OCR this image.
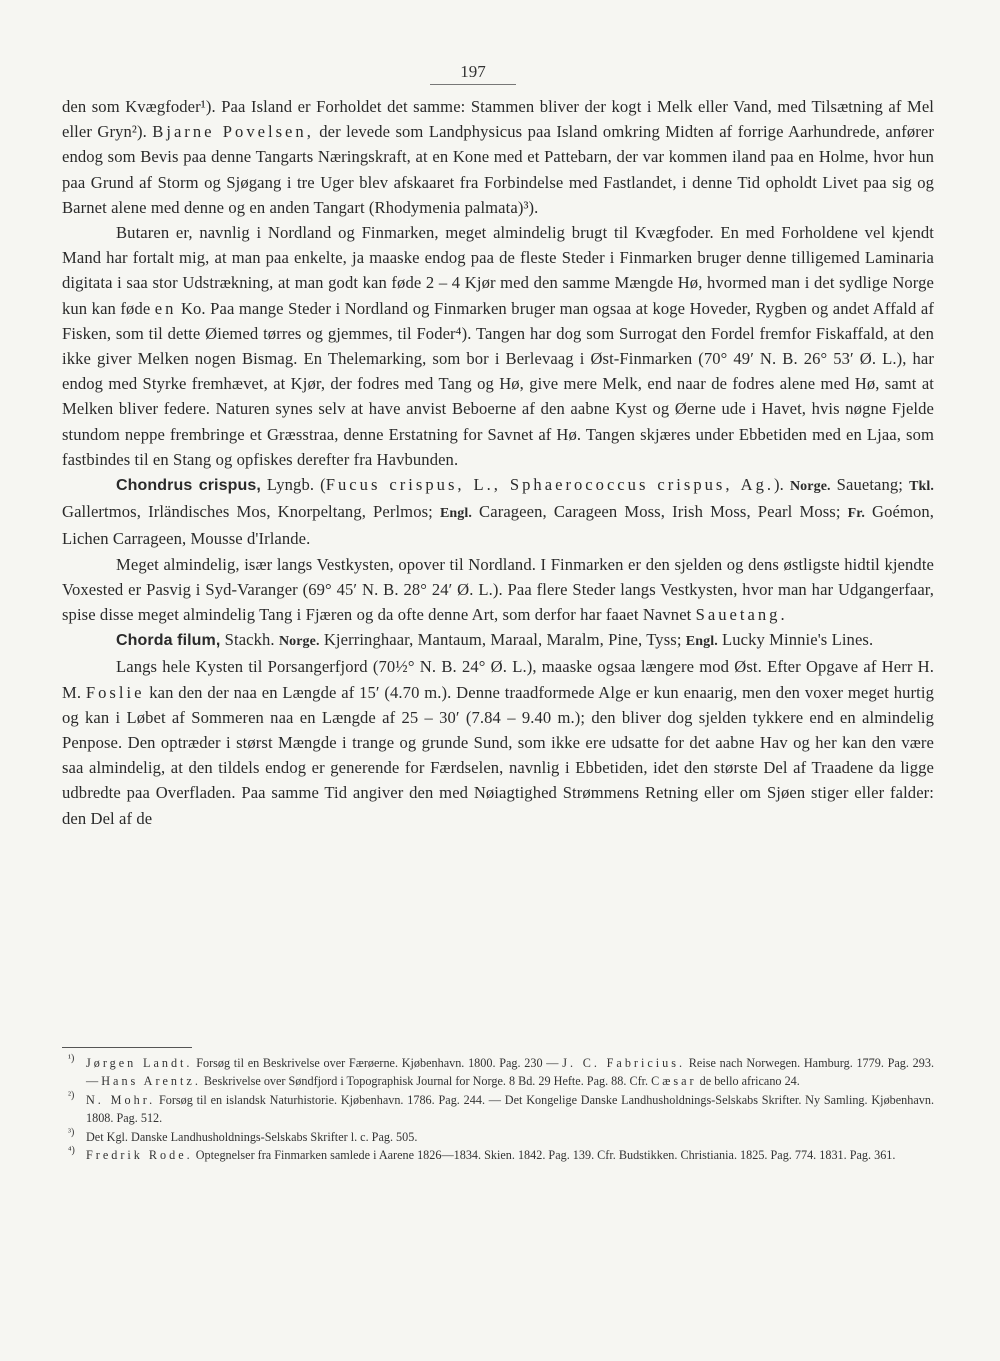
197

den som Kvægfoder¹). Paa Island er Forholdet det samme: Stammen bliver der kogt i Melk eller Vand, med Tilsætning af Mel eller Gryn²). Bjarne Povelsen, der levede som Landphysicus paa Island omkring Midten af forrige Aarhundrede, anfører endog som Bevis paa denne Tangarts Næringskraft, at en Kone med et Pattebarn, der var kommen iland paa en Holme, hvor hun paa Grund af Storm og Sjøgang i tre Uger blev afskaaret fra Forbindelse med Fastlandet, i denne Tid opholdt Livet paa sig og Barnet alene med denne og en anden Tangart (Rhodymenia palmata)³).

Butaren er, navnlig i Nordland og Finmarken, meget almindelig brugt til Kvægfoder. En med Forholdene vel kjendt Mand har fortalt mig, at man paa enkelte, ja maaske endog paa de fleste Steder i Finmarken bruger denne tilligemed Laminaria digitata i saa stor Udstrækning, at man godt kan føde 2 – 4 Kjør med den samme Mængde Hø, hvormed man i det sydlige Norge kun kan føde en Ko. Paa mange Steder i Nordland og Finmarken bruger man ogsaa at koge Hoveder, Rygben og andet Affald af Fisken, som til dette Øiemed tørres og gjemmes, til Foder⁴). Tangen har dog som Surrogat den Fordel fremfor Fiskaffald, at den ikke giver Melken nogen Bismag. En Thelemarking, som bor i Berlevaag i Øst-Finmarken (70° 49′ N. B. 26° 53′ Ø. L.), har endog med Styrke fremhævet, at Kjør, der fodres med Tang og Hø, give mere Melk, end naar de fodres alene med Hø, samt at Melken bliver federe. Naturen synes selv at have anvist Beboerne af den aabne Kyst og Øerne ude i Havet, hvis nøgne Fjelde stundom neppe frembringe et Græsstraa, denne Erstatning for Savnet af Hø. Tangen skjæres under Ebbetiden med en Ljaa, som fastbindes til en Stang og opfiskes derefter fra Havbunden.

Chondrus crispus, Lyngb. (Fucus crispus, L., Sphaerococcus crispus, Ag.). Norge. Sauetang; Tkl. Gallertmos, Irländisches Mos, Knorpeltang, Perlmos; Engl. Carageen, Carageen Moss, Irish Moss, Pearl Moss; Fr. Goémon, Lichen Carrageen, Mousse d'Irlande.

Meget almindelig, især langs Vestkysten, opover til Nordland. I Finmarken er den sjelden og dens østligste hidtil kjendte Voxested er Pasvig i Syd-Varanger (69° 45′ N. B. 28° 24′ Ø. L.). Paa flere Steder langs Vestkysten, hvor man har Udgangerfaar, spise disse meget almindelig Tang i Fjæren og da ofte denne Art, som derfor har faaet Navnet Sauetang.

Chorda filum, Stackh. Norge. Kjerringhaar, Mantaum, Maraal, Maralm, Pine, Tyss; Engl. Lucky Minnie's Lines.

Langs hele Kysten til Porsangerfjord (70½° N. B. 24° Ø. L.), maaske ogsaa længere mod Øst. Efter Opgave af Herr H. M. Foslie kan den der naa en Længde af 15′ (4.70 m.). Denne traadformede Alge er kun enaarig, men den voxer meget hurtig og kan i Løbet af Sommeren naa en Længde af 25 – 30′ (7.84 – 9.40 m.); den bliver dog sjelden tykkere end en almindelig Penpose. Den optræder i størst Mængde i trange og grunde Sund, som ikke ere udsatte for det aabne Hav og her kan den være saa almindelig, at den tildels endog er generende for Færdselen, navnlig i Ebbetiden, idet den største Del af Traadene da ligge udbredte paa Overfladen. Paa samme Tid angiver den med Nøiagtighed Strømmens Retning eller om Sjøen stiger eller falder: den Del af de

¹) Jørgen Landt. Forsøg til en Beskrivelse over Færøerne. Kjøbenhavn. 1800. Pag. 230 — J. C. Fabricius. Reise nach Norwegen. Hamburg. 1779. Pag. 293. — Hans Arentz. Beskrivelse over Søndfjord i Topographisk Journal for Norge. 8 Bd. 29 Hefte. Pag. 88. Cfr. Cæsar de bello africano 24.

²) N. Mohr. Forsøg til en islandsk Naturhistorie. Kjøbenhavn. 1786. Pag. 244. — Det Kongelige Danske Landhusholdnings-Selskabs Skrifter. Ny Samling. Kjøbenhavn. 1808. Pag. 512.

³) Det Kgl. Danske Landhusholdnings-Selskabs Skrifter l. c. Pag. 505.

⁴) Fredrik Rode. Optegnelser fra Finmarken samlede i Aarene 1826—1834. Skien. 1842. Pag. 139. Cfr. Budstikken. Christiania. 1825. Pag. 774. 1831. Pag. 361.
